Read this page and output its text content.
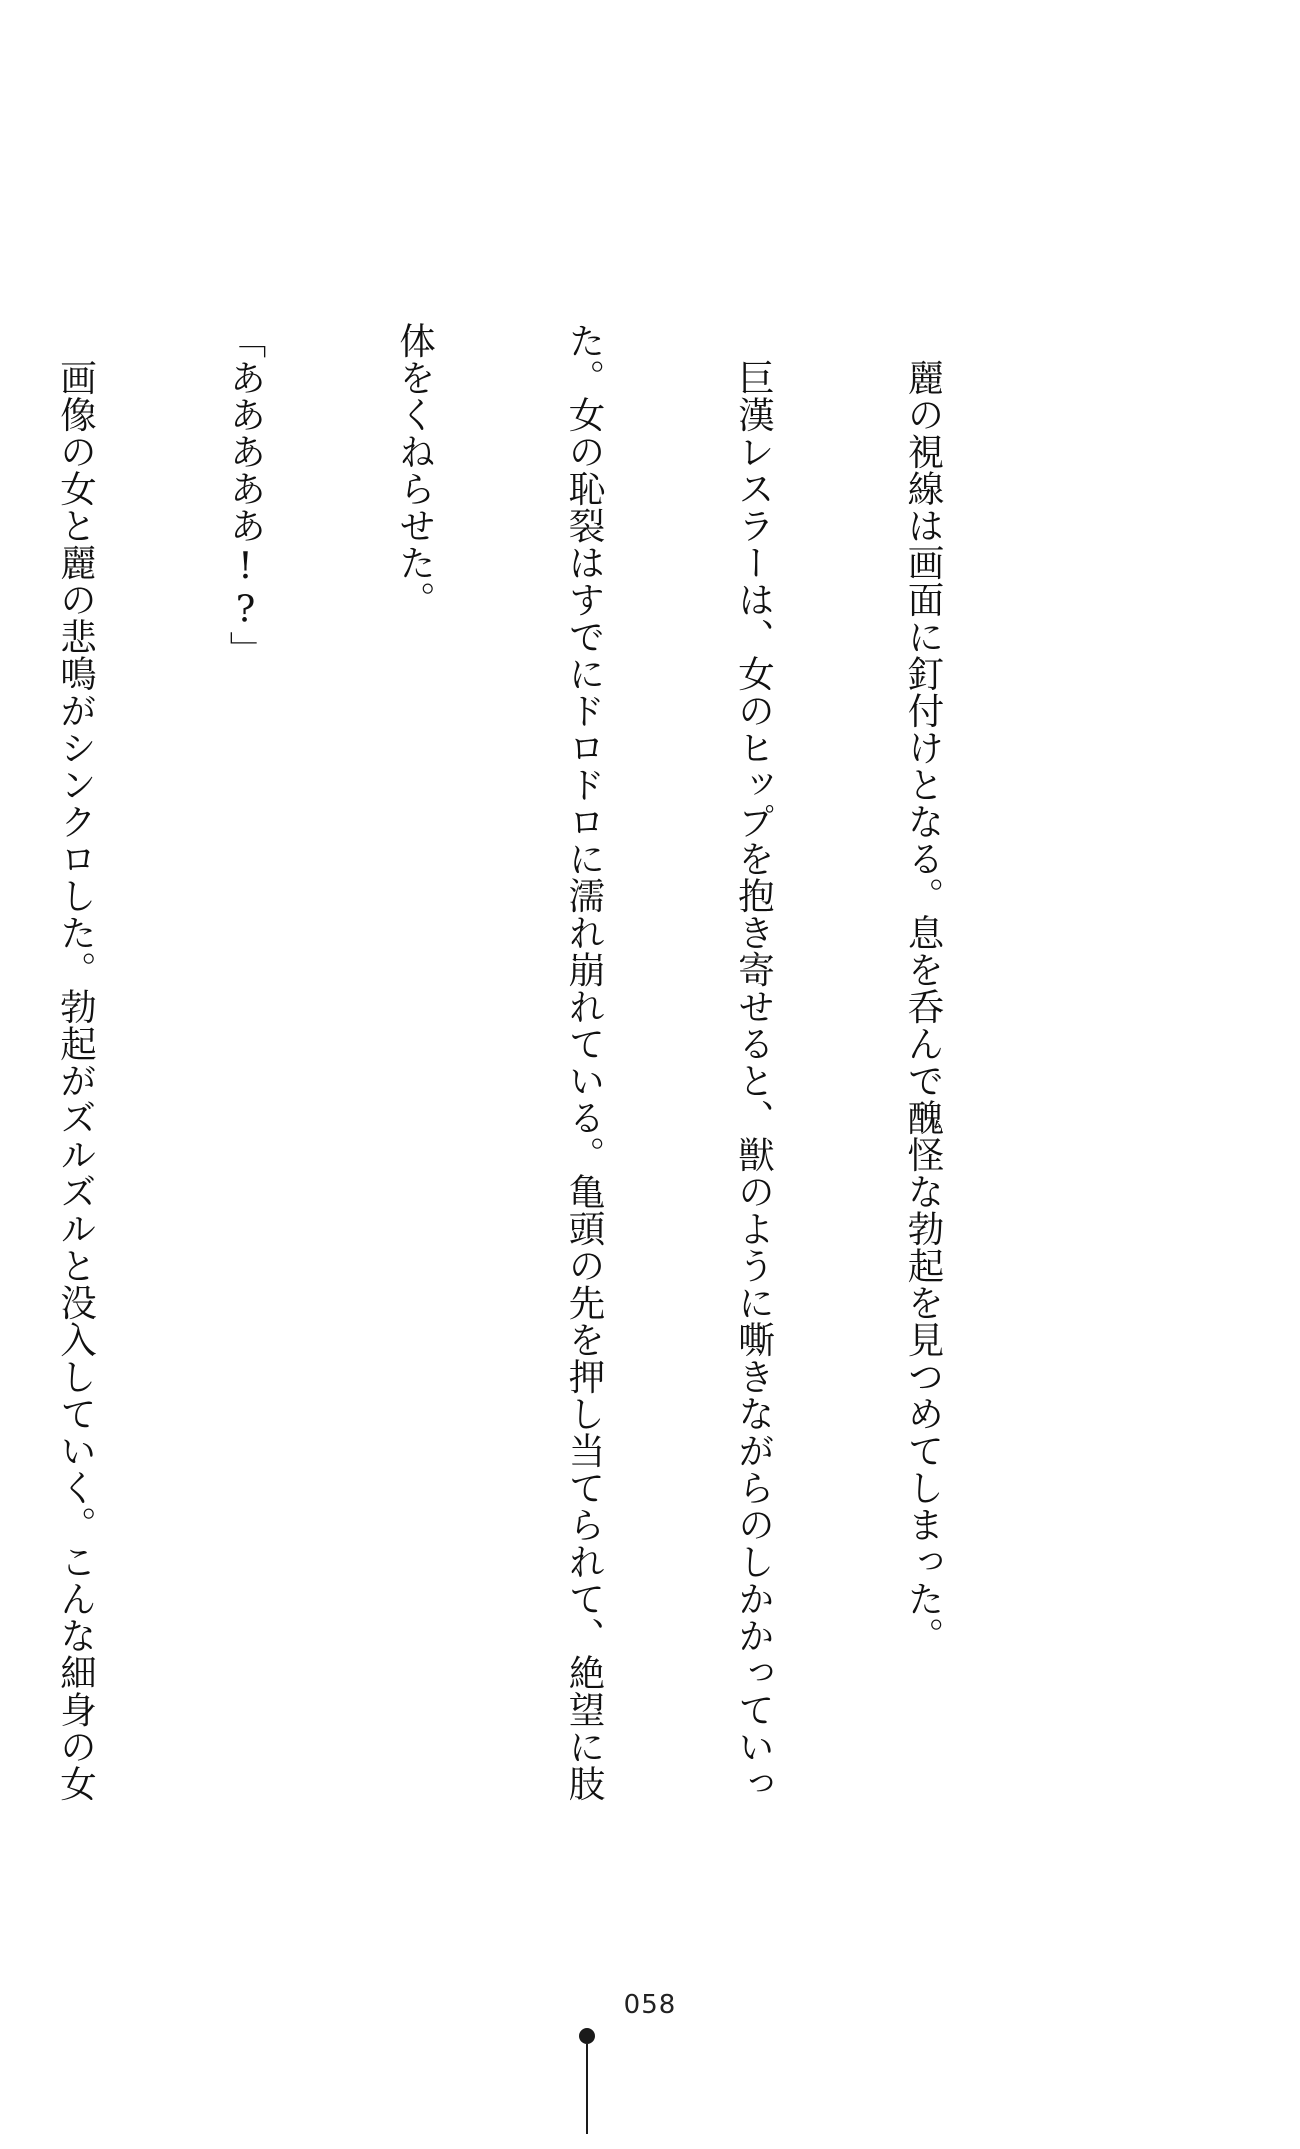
　麗の視線は画面に釘付けとなる。息を呑んで醜怪な勃起を見つめてしまった。

　巨漢レスラーは、女のヒップを抱き寄せると、獣のように嘶きながらのしかかっていっ

た。女の恥裂はすでにドロドロに濡れ崩れている。亀頭の先を押し当てられて、絶望に肢

体をくねらせた。

「あああああ!?」

　画像の女と麗の悲鳴がシンクロした。勃起がズルズルと没入していく。こんな細身の女

058
